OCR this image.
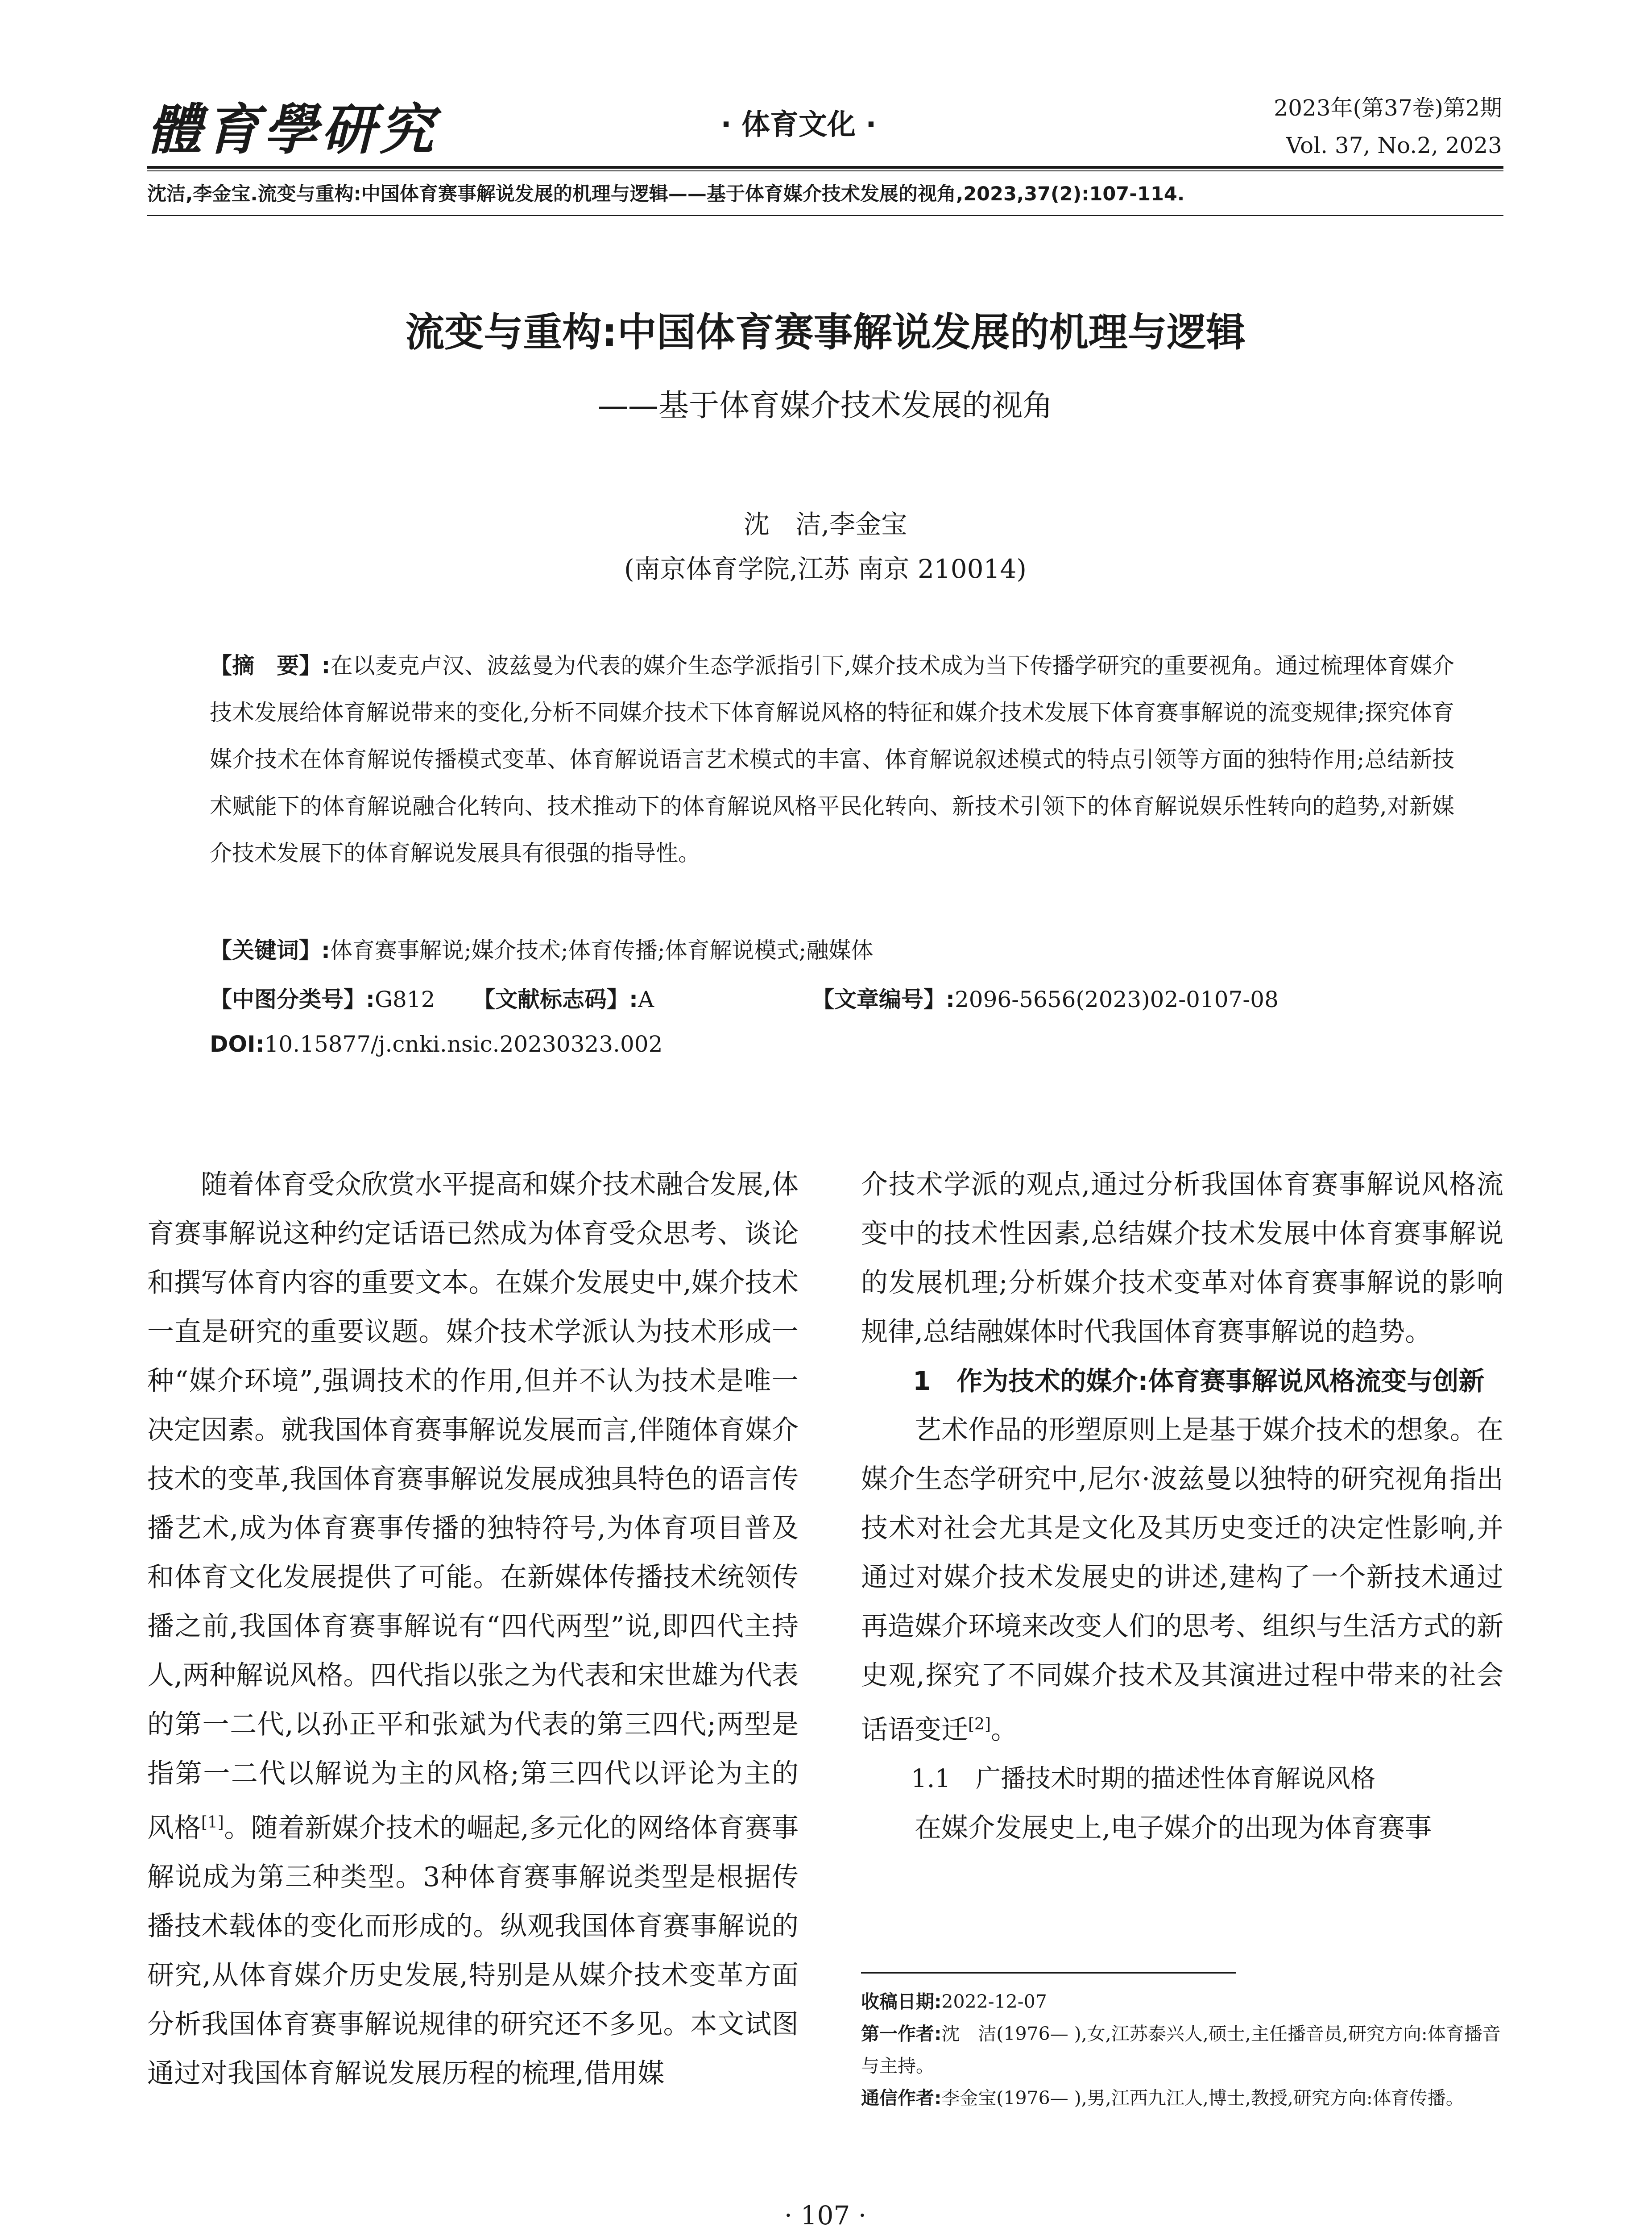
體育學研究	· 体育文化 ·
2023年(第37卷)第2期
Vol. 37, No.2, 2023
沈洁,李金宝.流变与重构:中国体育赛事解说发展的机理与逻辑——基于体育媒介技术发展的视角,2023,37(2):107-114.
流变与重构:中国体育赛事解说发展的机理与逻辑
——基于体育媒介技术发展的视角
沈　洁,李金宝
(南京体育学院,江苏 南京 210014)
【摘　要】:在以麦克卢汉、波兹曼为代表的媒介生态学派指引下,媒介技术成为当下传播学研究的重要视角。通过梳理体育媒介技术发展给体育解说带来的变化,分析不同媒介技术下体育解说风格的特征和媒介技术发展下体育赛事解说的流变规律;探究体育媒介技术在体育解说传播模式变革、体育解说语言艺术模式的丰富、体育解说叙述模式的特点引领等方面的独特作用;总结新技术赋能下的体育解说融合化转向、技术推动下的体育解说风格平民化转向、新技术引领下的体育解说娱乐性转向的趋势,对新媒介技术发展下的体育解说发展具有很强的指导性。
【关键词】:体育赛事解说;媒介技术;体育传播;体育解说模式;融媒体
【中图分类号】:G812 【文献标志码】:A	【文章编号】:2096-5656(2023)02-0107-08
DOI:10.15877/j.cnki.nsic.20230323.002

随着体育受众欣赏水平提高和媒介技术融合发展,体育赛事解说这种约定话语已然成为体育受众思考、谈论和撰写体育内容的重要文本。在媒介发展史中,媒介技术一直是研究的重要议题。媒介技术学派认为技术形成一种“媒介环境”,强调技术的作用,但并不认为技术是唯一决定因素。就我国体育赛事解说发展而言,伴随体育媒介技术的变革,我国体育赛事解说发展成独具特色的语言传播艺术,成为体育赛事传播的独特符号,为体育项目普及和体育文化发展提供了可能。在新媒体传播技术统领传播之前,我国体育赛事解说有“四代两型”说,即四代主持人,两种解说风格。四代指以张之为代表和宋世雄为代表的第一二代,以孙正平和张斌为代表的第三四代;两型是指第一二代以解说为主的风格;第三四代以评论为主的风格[1]。随着新媒介技术的崛起,多元化的网络体育赛事解说成为第三种类型。3种体育赛事解说类型是根据传播技术载体的变化而形成的。纵观我国体育赛事解说的研究,从体育媒介历史发展,特别是从媒介技术变革方面分析我国体育赛事解说规律的研究还不多见。本文试图通过对我国体育解说发展历程的梳理,借用媒

介技术学派的观点,通过分析我国体育赛事解说风格流变中的技术性因素,总结媒介技术发展中体育赛事解说的发展机理;分析媒介技术变革对体育赛事解说的影响规律,总结融媒体时代我国体育赛事解说的趋势。

1　作为技术的媒介:体育赛事解说风格流变与创新

艺术作品的形塑原则上是基于媒介技术的想象。在媒介生态学研究中,尼尔·波兹曼以独特的研究视角指出技术对社会尤其是文化及其历史变迁的决定性影响,并通过对媒介技术发展史的讲述,建构了一个新技术通过再造媒介环境来改变人们的思考、组织与生活方式的新史观,探究了不同媒介技术及其演进过程中带来的社会话语变迁[2]。

1.1　广播技术时期的描述性体育解说风格

在媒介发展史上,电子媒介的出现为体育赛事

收稿日期:2022-12-07
第一作者:沈　洁(1976— ),女,江苏泰兴人,硕士,主任播音员,研究方向:体育播音与主持。
通信作者:李金宝(1976— ),男,江西九江人,博士,教授,研究方向:体育传播。
· 107 ·
